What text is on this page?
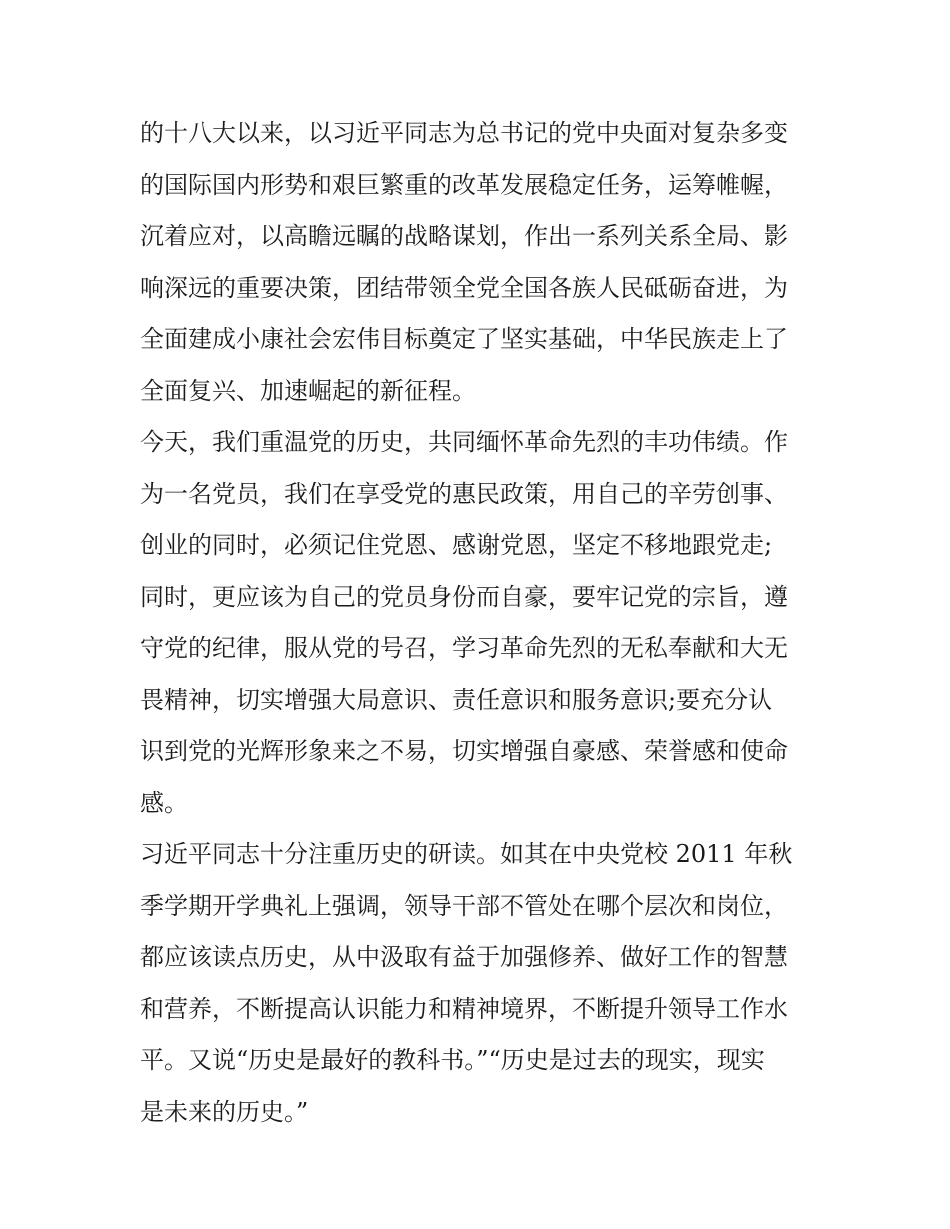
的十八大以来，以习近平同志为总书记的党中央面对复杂多变
的国际国内形势和艰巨繁重的改革发展稳定任务，运筹帷幄，
沉着应对，以高瞻远瞩的战略谋划，作出一系列关系全局、影
响深远的重要决策，团结带领全党全国各族人民砥砺奋进，为
全面建成小康社会宏伟目标奠定了坚实基础，中华民族走上了
全面复兴、加速崛起的新征程。
今天，我们重温党的历史，共同缅怀革命先烈的丰功伟绩。作
为一名党员，我们在享受党的惠民政策，用自己的辛劳创事、
创业的同时，必须记住党恩、感谢党恩，坚定不移地跟党走;
同时，更应该为自己的党员身份而自豪，要牢记党的宗旨，遵
守党的纪律，服从党的号召，学习革命先烈的无私奉献和大无
畏精神，切实增强大局意识、责任意识和服务意识;要充分认
识到党的光辉形象来之不易，切实增强自豪感、荣誉感和使命
感。
习近平同志十分注重历史的研读。如其在中央党校 2011 年秋
季学期开学典礼上强调，领导干部不管处在哪个层次和岗位，
都应该读点历史，从中汲取有益于加强修养、做好工作的智慧
和营养，不断提高认识能力和精神境界，不断提升领导工作水
平。又说“历史是最好的教科书。”“历史是过去的现实，现实
是未来的历史。”
